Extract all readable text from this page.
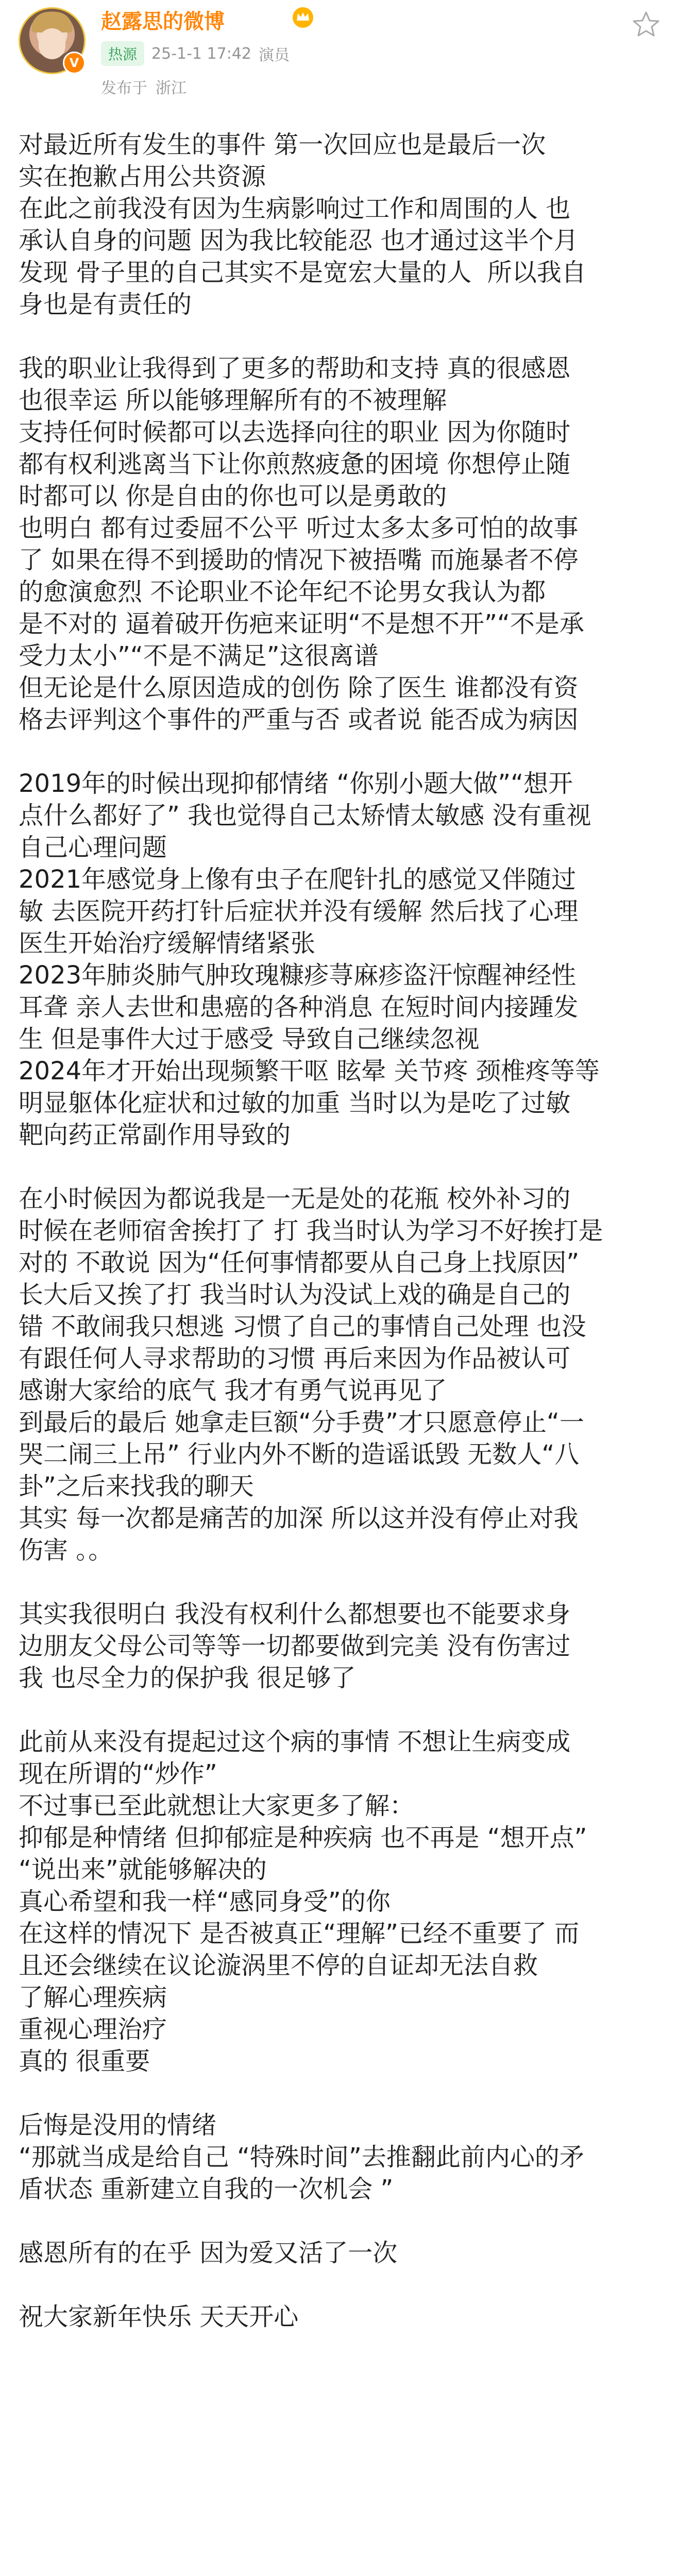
V
赵露思的微博
热源 25-1-1 17:42 演员
发布于 浙江

对最近所有发生的事件 第一次回应也是最后一次

实在抱歉占用公共资源

在此之前我没有因为生病影响过工作和周围的人 也

承认自身的问题 因为我比较能忍 也才通过这半个月

发现 骨子里的自己其实不是宽宏大量的人  所以我自

身也是有责任的

我的职业让我得到了更多的帮助和支持 真的很感恩

也很幸运 所以能够理解所有的不被理解

支持任何时候都可以去选择向往的职业 因为你随时

都有权利逃离当下让你煎熬疲惫的困境 你想停止随

时都可以 你是自由的你也可以是勇敢的

也明白 都有过委屈不公平 听过太多太多可怕的故事

了 如果在得不到援助的情况下被捂嘴 而施暴者不停

的愈演愈烈 不论职业不论年纪不论男女我认为都

是不对的 逼着破开伤疤来证明“不是想不开”“不是承

受力太小”“不是不满足”这很离谱

但无论是什么原因造成的创伤 除了医生 谁都没有资

格去评判这个事件的严重与否 或者说 能否成为病因

2019年的时候出现抑郁情绪 “你别小题大做”“想开

点什么都好了” 我也觉得自己太矫情太敏感 没有重视

自己心理问题

2021年感觉身上像有虫子在爬针扎的感觉又伴随过

敏 去医院开药打针后症状并没有缓解 然后找了心理

医生开始治疗缓解情绪紧张

2023年肺炎肺气肿玫瑰糠疹荨麻疹盗汗惊醒神经性

耳聋 亲人去世和患癌的各种消息 在短时间内接踵发

生 但是事件大过于感受 导致自己继续忽视

2024年才开始出现频繁干呕 眩晕 关节疼 颈椎疼等等

明显躯体化症状和过敏的加重 当时以为是吃了过敏

靶向药正常副作用导致的

在小时候因为都说我是一无是处的花瓶 校外补习的

时候在老师宿舍挨打了 打 我当时认为学习不好挨打是

对的 不敢说 因为“任何事情都要从自己身上找原因”

长大后又挨了打 我当时认为没试上戏的确是自己的

错 不敢闹我只想逃 习惯了自己的事情自己处理 也没

有跟任何人寻求帮助的习惯 再后来因为作品被认可

感谢大家给的底气 我才有勇气说再见了

到最后的最后 她拿走巨额“分手费”才只愿意停止“一

哭二闹三上吊” 行业内外不断的造谣诋毁 无数人“八

卦”之后来找我的聊天

其实 每一次都是痛苦的加深 所以这并没有停止对我

伤害 。。

其实我很明白 我没有权利什么都想要也不能要求身

边朋友父母公司等等一切都要做到完美 没有伤害过

我 也尽全力的保护我 很足够了

此前从来没有提起过这个病的事情 不想让生病变成

现在所谓的“炒作”

不过事已至此就想让大家更多了解：

抑郁是种情绪 但抑郁症是种疾病 也不再是 “想开点”

“说出来”就能够解决的

真心希望和我一样“感同身受”的你

在这样的情况下 是否被真正“理解”已经不重要了 而

且还会继续在议论漩涡里不停的自证却无法自救

了解心理疾病

重视心理治疗

真的 很重要

后悔是没用的情绪

“那就当成是给自己 “特殊时间”去推翻此前内心的矛

盾状态 重新建立自我的一次机会 ”

感恩所有的在乎 因为爱又活了一次

祝大家新年快乐 天天开心
